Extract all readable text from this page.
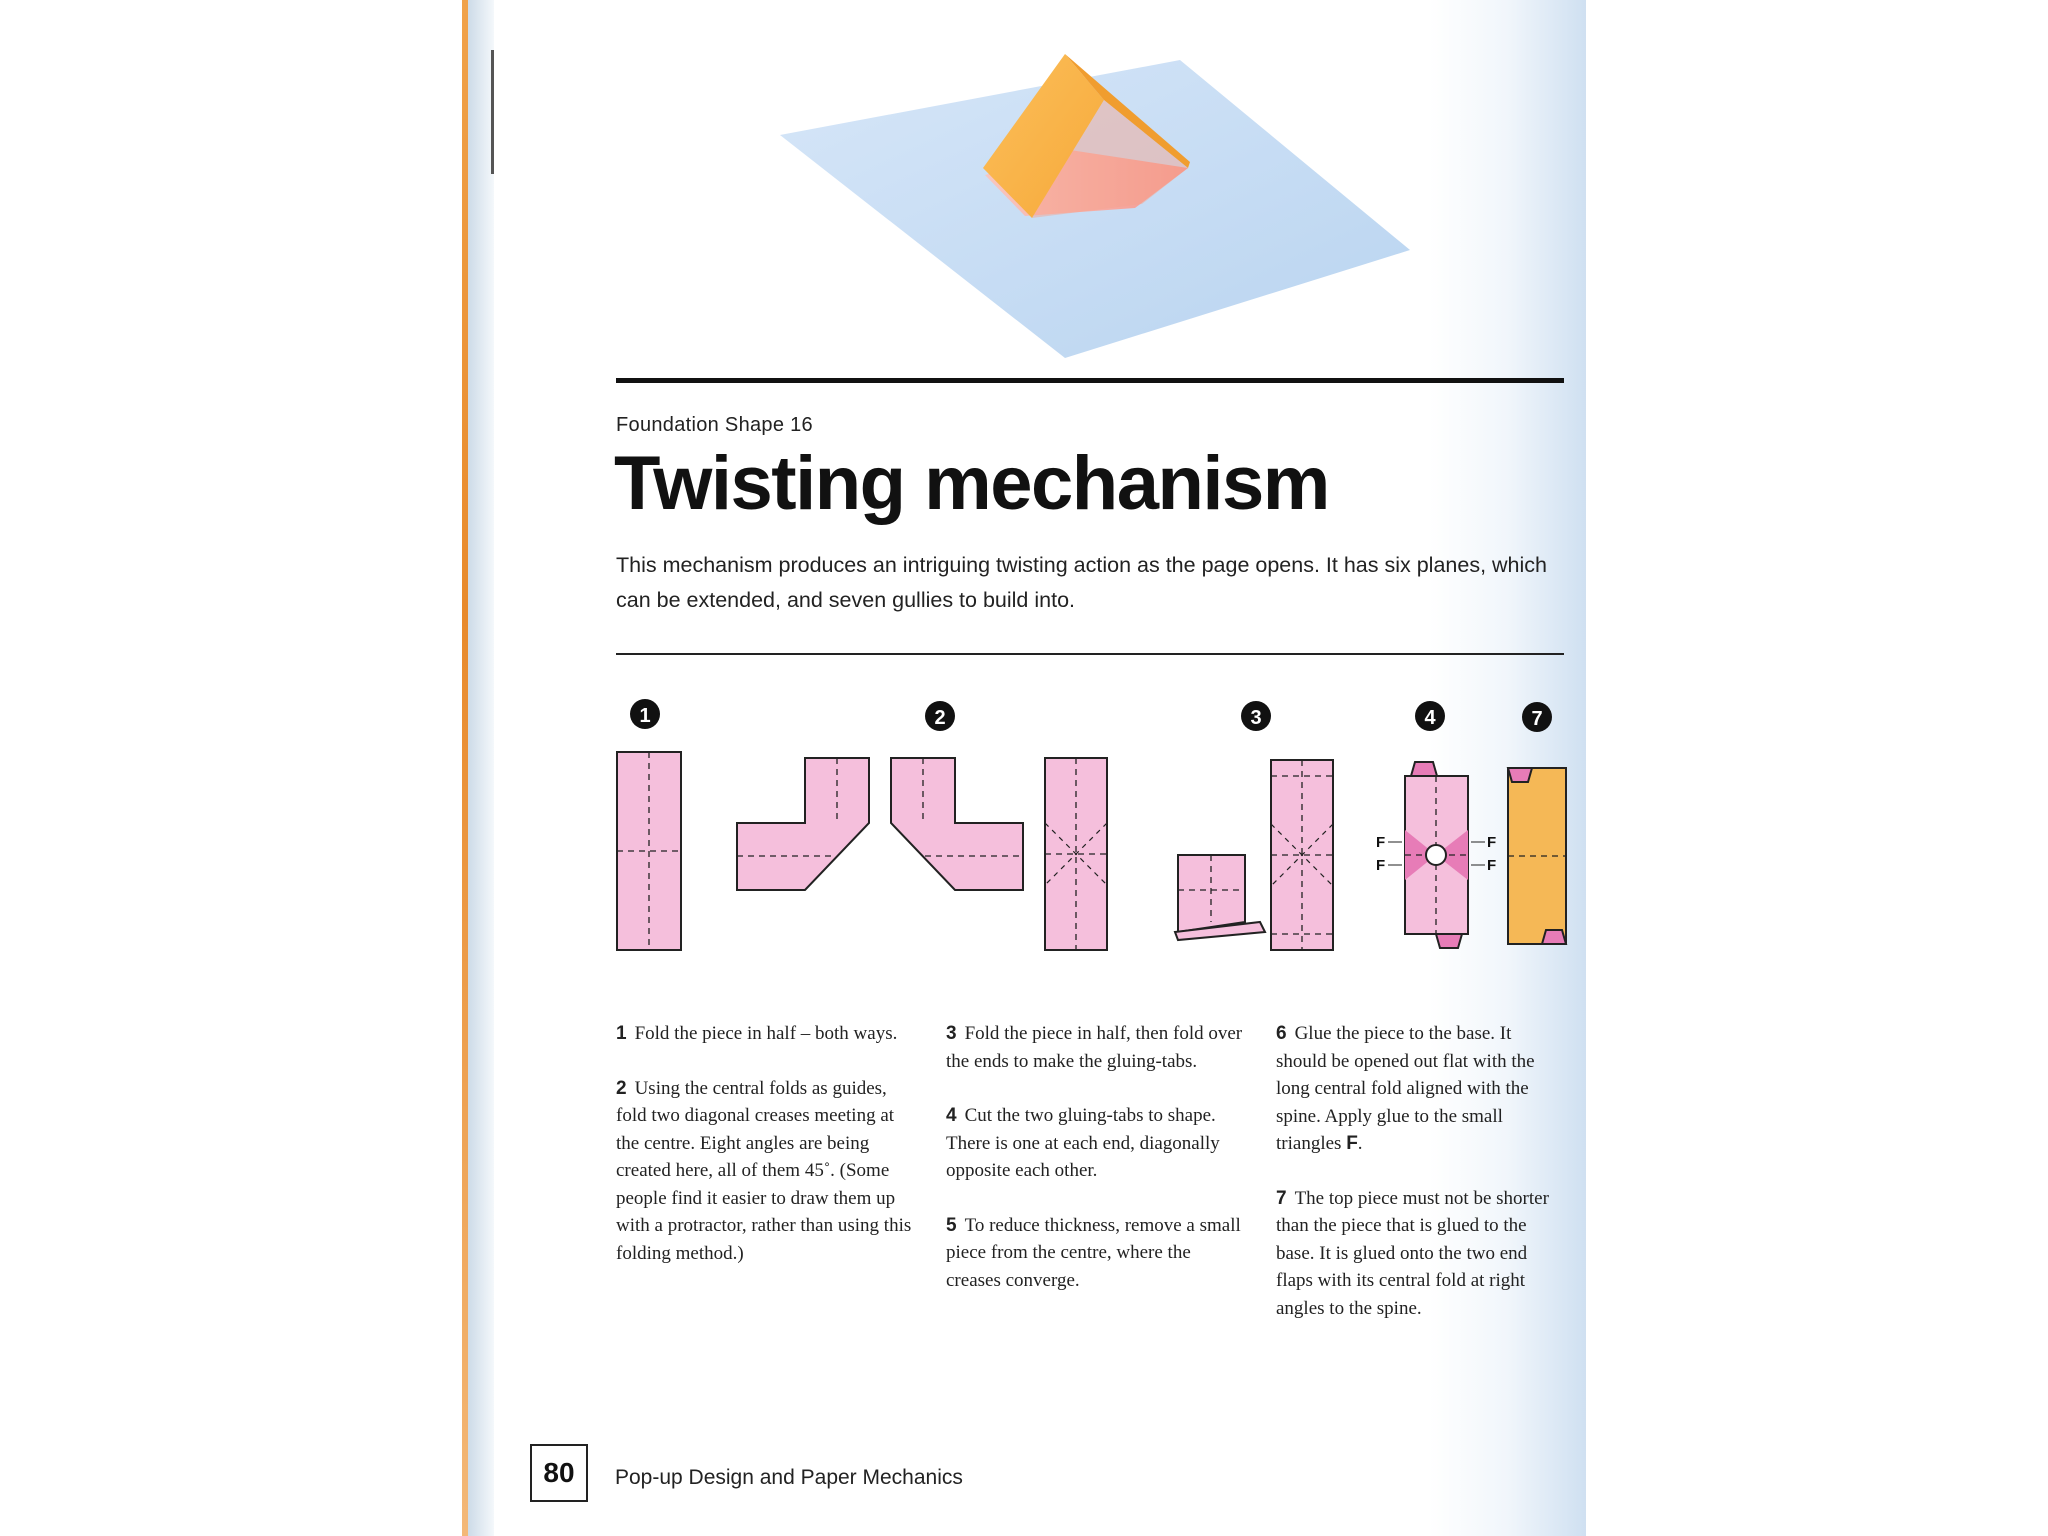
Foundation Shape 16
Twisting mechanism
This mechanism produces an intriguing twisting action as the page opens. It has six planes, which can be extended, and seven gullies to build into.
1	2	3	4	7
F
F
F
F

1 Fold the piece in half – both ways.

2 Using the central folds as guides, fold two diagonal creases meeting at the centre. Eight angles are being created here, all of them 45˚. (Some people find it easier to draw them up with a protractor, rather than using this folding method.)

3 Fold the piece in half, then fold over the ends to make the gluing-tabs.

4 Cut the two gluing-tabs to shape. There is one at each end, diagonally opposite each other.

5 To reduce thickness, remove a small piece from the centre, where the creases converge.

6 Glue the piece to the base. It should be opened out flat with the long central fold aligned with the spine. Apply glue to the small triangles F.

7 The top piece must not be shorter than the piece that is glued to the base. It is glued onto the two end flaps with its central fold at right angles to the spine.

80	Pop-up Design and Paper Mechanics
